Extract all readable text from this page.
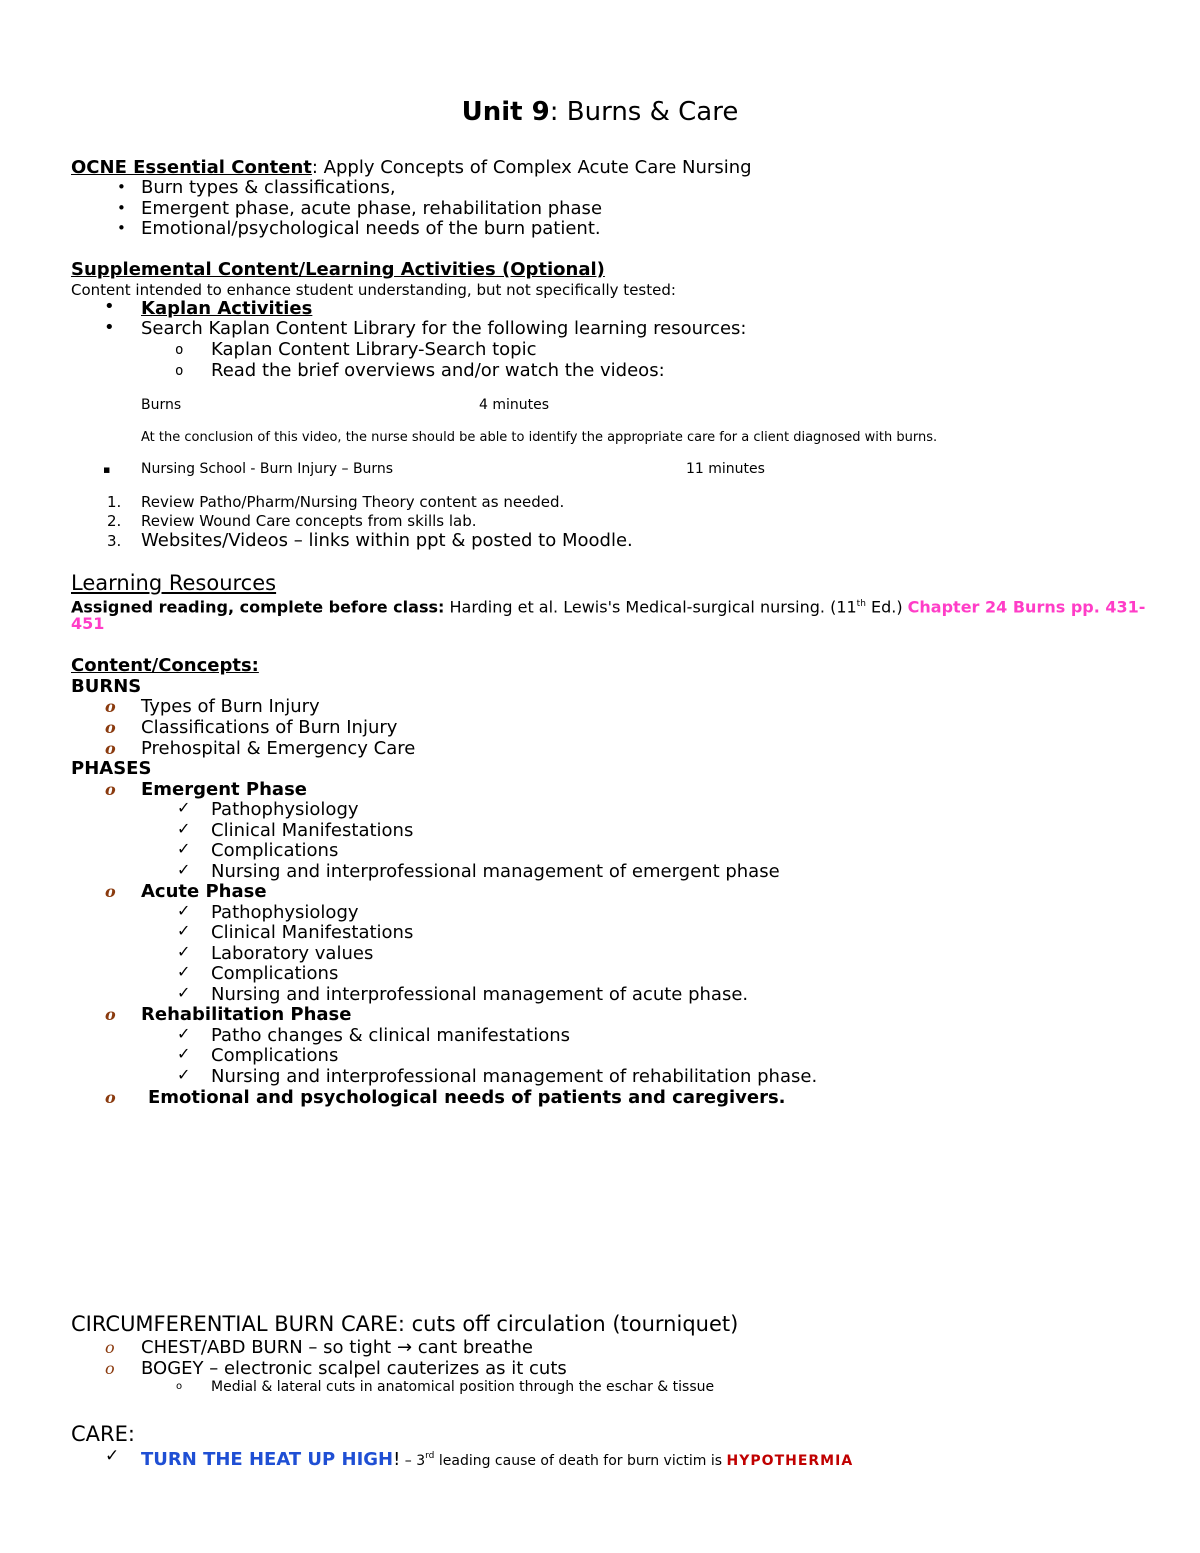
Unit 9: Burns & Care
OCNE Essential Content: Apply Concepts of Complex Acute Care Nursing
• Burn types & classifications,
• Emergent phase, acute phase, rehabilitation phase
• Emotional/psychological needs of the burn patient.
Supplemental Content/Learning Activities (Optional)
Content intended to enhance student understanding, but not specifically tested:
• Kaplan Activities
• Search Kaplan Content Library for the following learning resources:
o Kaplan Content Library-Search topic
o Read the brief overviews and/or watch the videos:
Burns	4 minutes
At the conclusion of this video, the nurse should be able to identify the appropriate care for a client diagnosed with burns.
▪ Nursing School - Burn Injury – Burns	11 minutes
1. Review Patho/Pharm/Nursing Theory content as needed.
2. Review Wound Care concepts from skills lab.
3. Websites/Videos – links within ppt & posted to Moodle.
Learning Resources
Assigned reading, complete before class: Harding et al. Lewis's Medical-surgical nursing. (11th Ed.) Chapter 24 Burns pp. 431-
451
Content/Concepts:
BURNS
o Types of Burn Injury
o Classifications of Burn Injury
o Prehospital & Emergency Care
PHASES
o Emergent Phase
✓ Pathophysiology
✓ Clinical Manifestations
✓ Complications
✓ Nursing and interprofessional management of emergent phase
o Acute Phase
✓ Pathophysiology
✓ Clinical Manifestations
✓ Laboratory values
✓ Complications
✓ Nursing and interprofessional management of acute phase.
o Rehabilitation Phase
✓ Patho changes & clinical manifestations
✓ Complications
✓ Nursing and interprofessional management of rehabilitation phase.
o Emotional and psychological needs of patients and caregivers.
CIRCUMFERENTIAL BURN CARE: cuts off circulation (tourniquet)
o CHEST/ABD BURN – so tight → cant breathe
o BOGEY – electronic scalpel cauterizes as it cuts
o Medial & lateral cuts in anatomical position through the eschar & tissue
CARE:
✓ TURN THE HEAT UP HIGH! – 3rd leading cause of death for burn victim is HYPOTHERMIA
